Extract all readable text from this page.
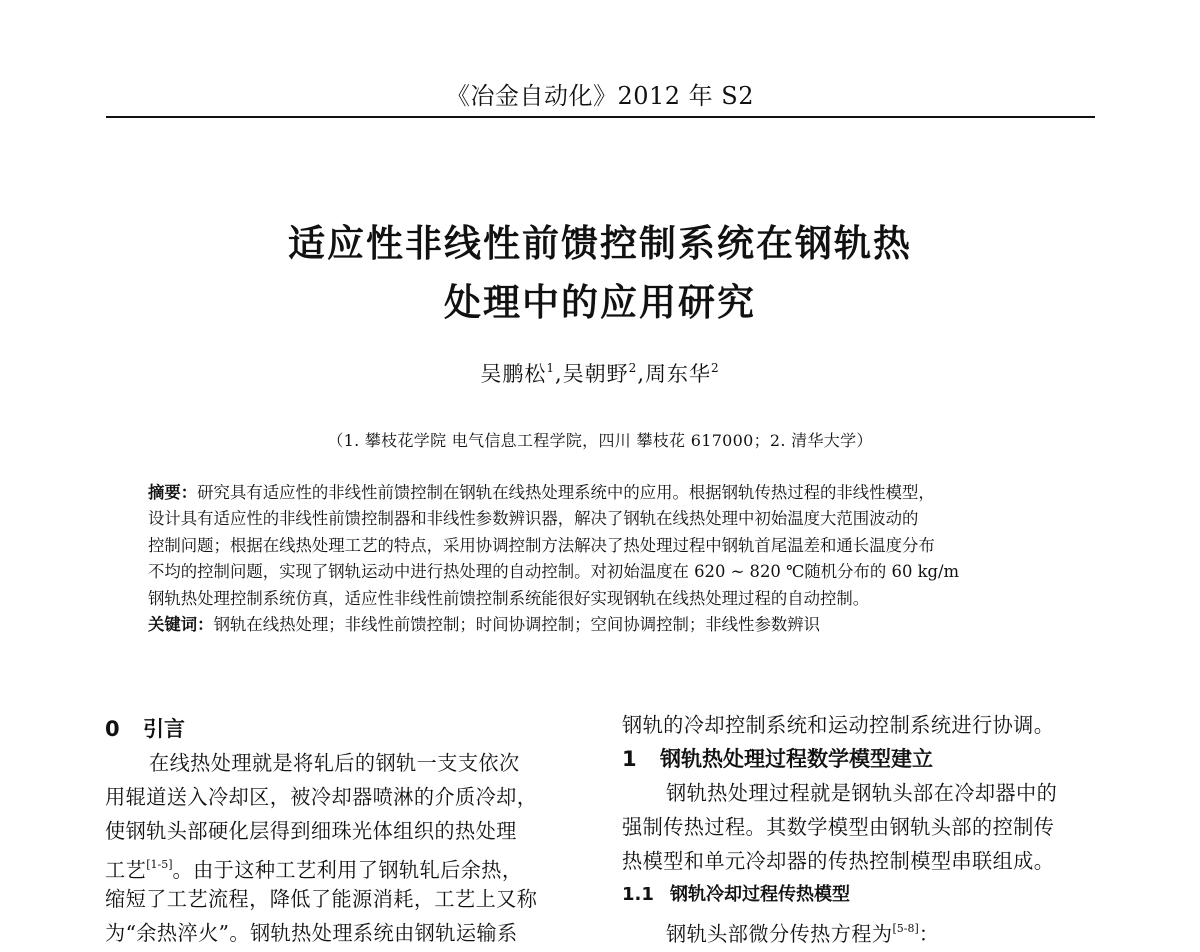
《冶金自动化》2012 年 S2
适应性非线性前馈控制系统在钢轨热
处理中的应用研究
吴鹏松$^1$,吴朝野$^2$,周东华$^2$
（1. 攀枝花学院 电气信息工程学院，四川 攀枝花 617000；2. 清华大学）
摘要：研究具有适应性的非线性前馈控制在钢轨在线热处理系统中的应用。根据钢轨传热过程的非线性模型，
设计具有适应性的非线性前馈控制器和非线性参数辨识器，解决了钢轨在线热处理中初始温度大范围波动的
控制问题；根据在线热处理工艺的特点，采用协调控制方法解决了热处理过程中钢轨首尾温差和通长温度分布
不均的控制问题，实现了钢轨运动中进行热处理的自动控制。对初始温度在 620 ~ 820 ℃随机分布的 60 kg/m
钢轨热处理控制系统仿真，适应性非线性前馈控制系统能很好实现钢轨在线热处理过程的自动控制。
关键词：钢轨在线热处理；非线性前馈控制；时间协调控制；空间协调控制；非线性参数辨识
0 引言
在线热处理就是将轧后的钢轨一支支依次
用辊道送入冷却区，被冷却器喷淋的介质冷却，
使钢轨头部硬化层得到细珠光体组织的热处理
工艺[1-5]。由于这种工艺利用了钢轨轧后余热，
缩短了工艺流程，降低了能源消耗，工艺上又称
为“余热淬火”。钢轨热处理系统由钢轨运输系
钢轨的冷却控制系统和运动控制系统进行协调。
1 钢轨热处理过程数学模型建立
钢轨热处理过程就是钢轨头部在冷却器中的
强制传热过程。其数学模型由钢轨头部的控制传
热模型和单元冷却器的传热控制模型串联组成。
1.1 钢轨冷却过程传热模型
钢轨头部微分传热方程为[5-8]：
